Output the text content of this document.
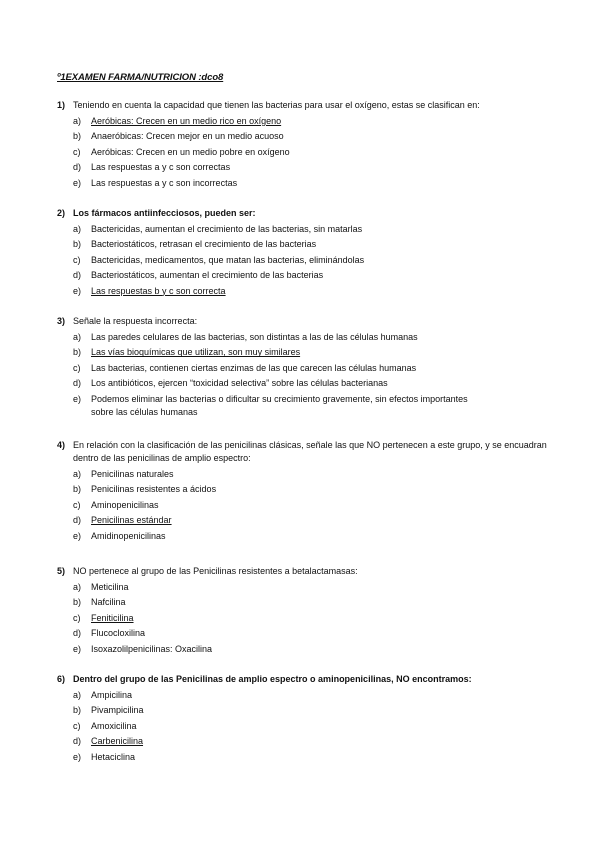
º1EXAMEN FARMA/NUTRICION :dco8
1) Teniendo en cuenta la capacidad que tienen las bacterias para usar el oxígeno, estas se clasifican en:
a)	Aeróbicas: Crecen en un medio rico en oxígeno
b)	Anaeróbicas: Crecen mejor en un medio acuoso
c)	Aeróbicas: Crecen en un medio pobre en oxígeno
d)	Las respuestas a y c son correctas
e)	Las respuestas a y c son incorrectas
2) Los fármacos antiinfecciosos, pueden ser:
a)	Bactericidas, aumentan el crecimiento de las bacterias, sin matarlas
b)	Bacteriostáticos, retrasan el crecimiento de las bacterias
c)	Bactericidas, medicamentos, que matan las bacterias, eliminándolas
d)	Bacteriostáticos, aumentan el crecimiento de las bacterias
e)	Las respuestas b y c son correcta
3) Señale la respuesta incorrecta:
a)	Las paredes celulares de las bacterias, son distintas a las de las células humanas
b)	Las vías bioquímicas que utilizan, son muy similares
c)	Las bacterias, contienen ciertas enzimas de las que carecen las células humanas
d)	Los antibióticos, ejercen “toxicidad selectiva” sobre las células bacterianas
e)	Podemos eliminar las bacterias o dificultar su crecimiento gravemente, sin efectos importantes sobre las células humanas
4) En relación con la clasificación de las penicilinas clásicas, señale las que NO pertenecen a este grupo, y se encuadran dentro de las penicilinas de amplio espectro:
a)	Penicilinas naturales
b)	Penicilinas resistentes a ácidos
c)	Aminopenicilinas
d)	Penicilinas estándar
e)	Amidinopenicilinas
5) NO pertenece al grupo de las Penicilinas resistentes a betalactamasas:
a)	Meticilina
b)	Nafcilina
c)	Feniticilina
d)	Flucocloxilina
e)	Isoxazolilpenicilinas: Oxacilina
6) Dentro del grupo de las Penicilinas de amplio espectro o aminopenicilinas, NO encontramos:
a)	Ampicilina
b)	Pivampicilina
c)	Amoxicilina
d)	Carbenicilina
e)	Hetaciclina
